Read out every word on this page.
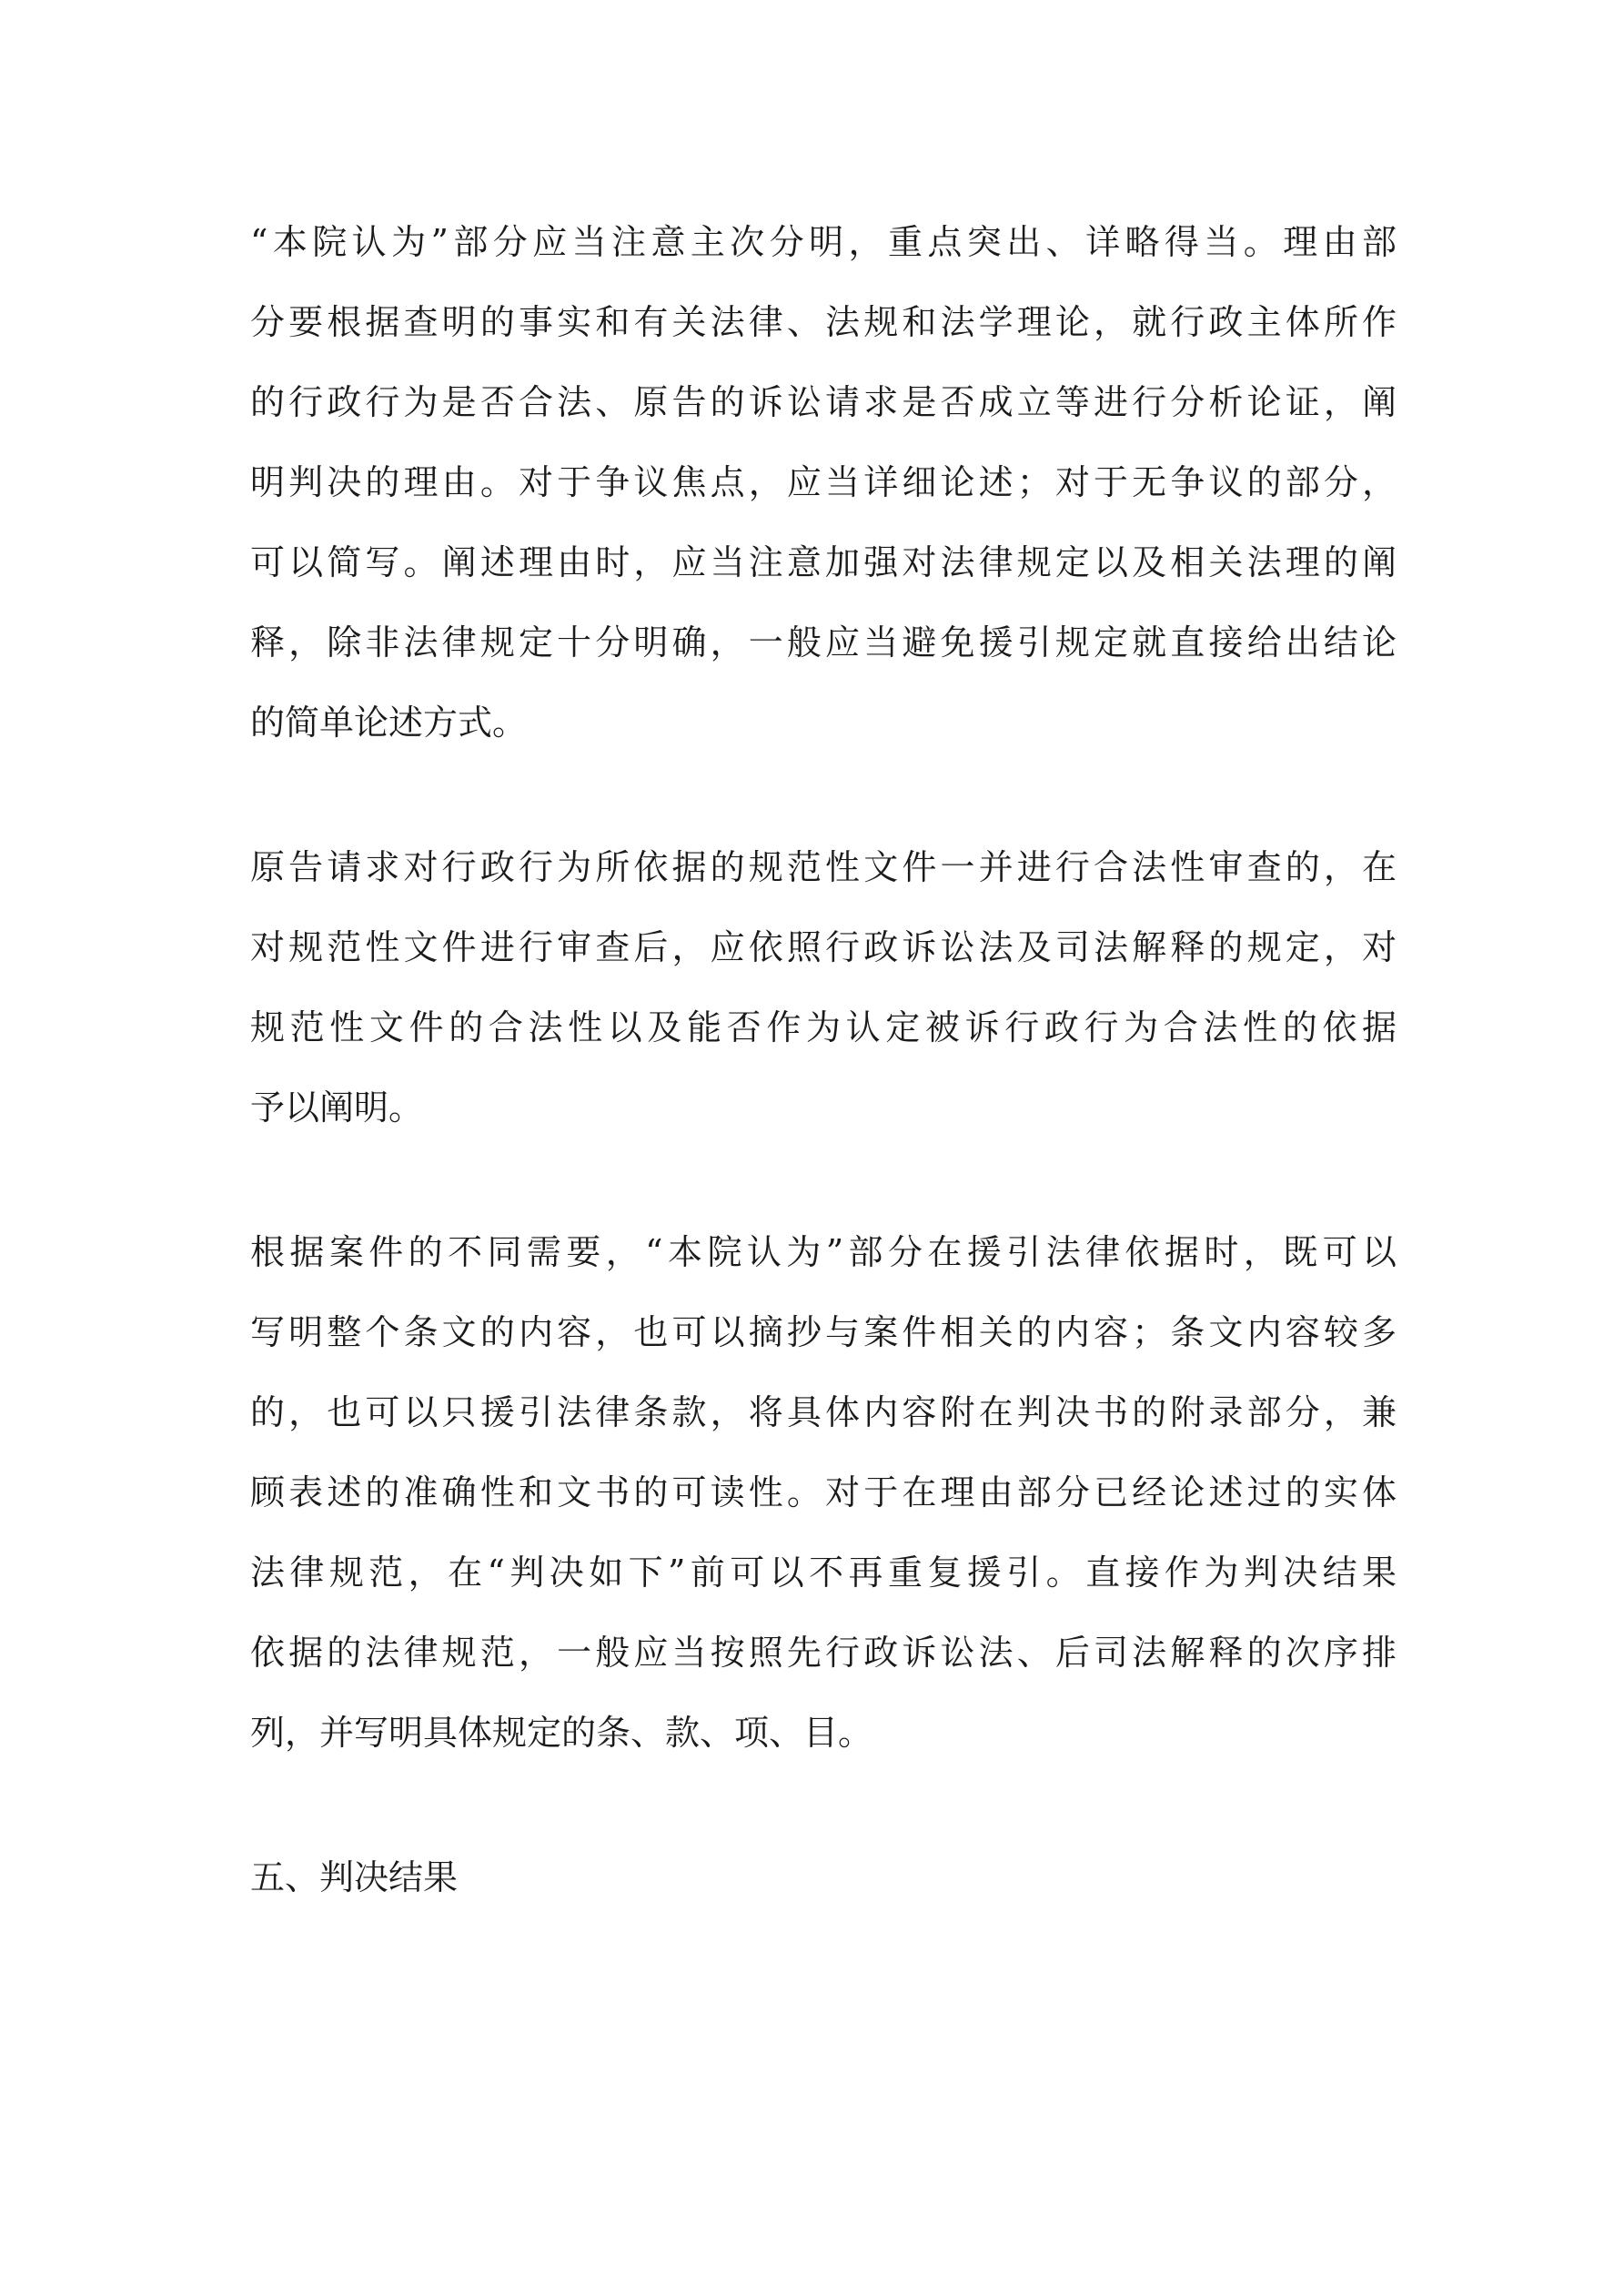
“本院认为”部分应当注意主次分明，重点突出、详略得当。理由部
分要根据查明的事实和有关法律、法规和法学理论，就行政主体所作
的行政行为是否合法、原告的诉讼请求是否成立等进行分析论证，阐
明判决的理由。对于争议焦点，应当详细论述；对于无争议的部分，
可以简写。阐述理由时，应当注意加强对法律规定以及相关法理的阐
释，除非法律规定十分明确，一般应当避免援引规定就直接给出结论
的简单论述方式。
原告请求对行政行为所依据的规范性文件一并进行合法性审查的，在
对规范性文件进行审查后，应依照行政诉讼法及司法解释的规定，对
规范性文件的合法性以及能否作为认定被诉行政行为合法性的依据
予以阐明。
根据案件的不同需要，“本院认为”部分在援引法律依据时，既可以
写明整个条文的内容，也可以摘抄与案件相关的内容；条文内容较多
的，也可以只援引法律条款，将具体内容附在判决书的附录部分，兼
顾表述的准确性和文书的可读性。对于在理由部分已经论述过的实体
法律规范，在“判决如下”前可以不再重复援引。直接作为判决结果
依据的法律规范，一般应当按照先行政诉讼法、后司法解释的次序排
列，并写明具体规定的条、款、项、目。
五、判决结果
